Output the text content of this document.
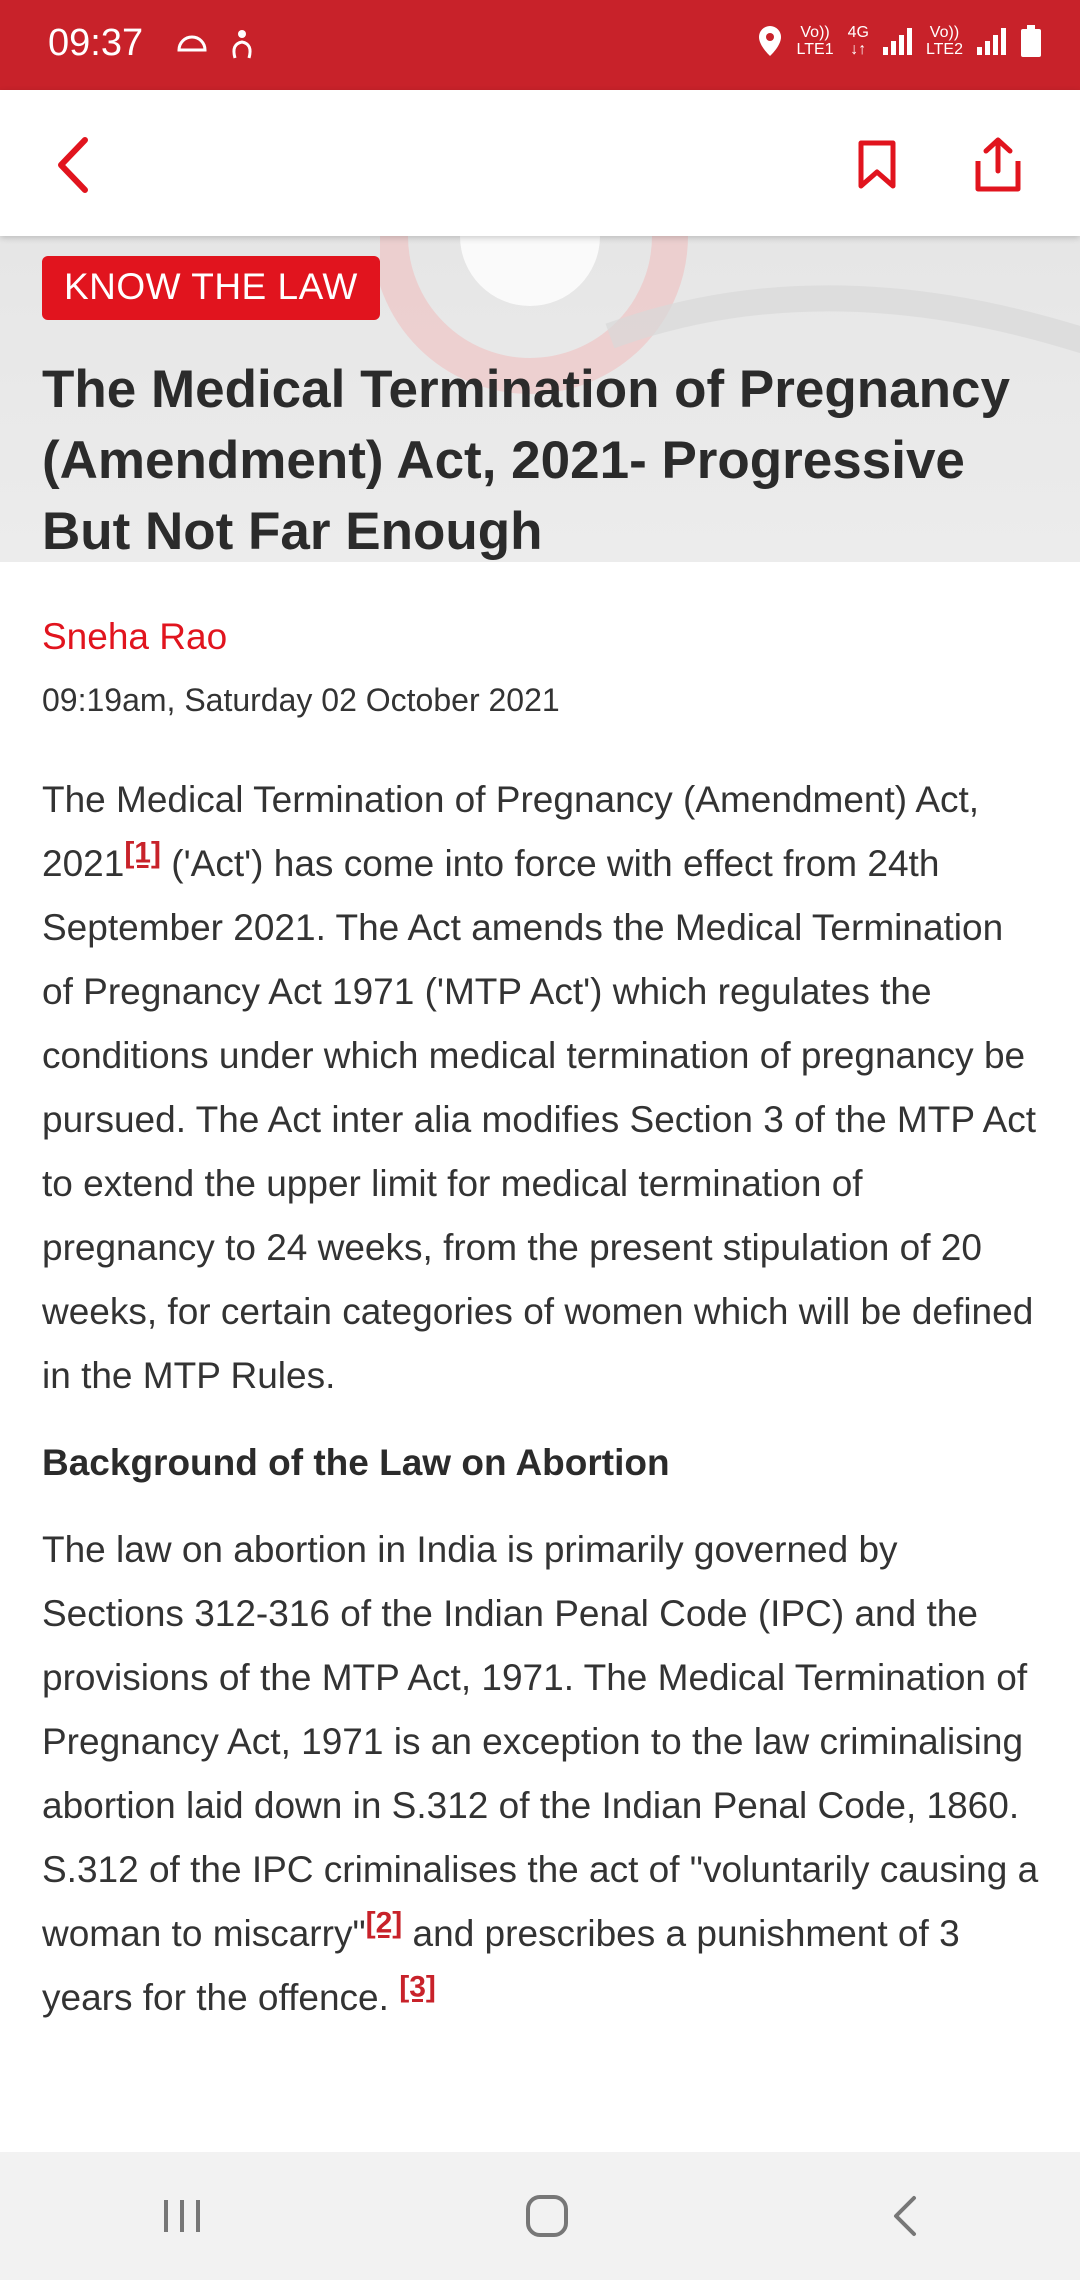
09:37	Vo))
LTE1
4G
↓↑
Vo))
LTE2
KNOW THE LAW
The Medical Termination of Pregnancy (Amendment) Act, 2021- Progressive But Not Far Enough
Sneha Rao
09:19am, Saturday 02 October 2021

The Medical Termination of Pregnancy (Amendment) Act, 2021[1] ('Act') has come into force with effect from 24th September 2021. The Act amends the Medical Termination of Pregnancy Act 1971 ('MTP Act') which regulates the conditions under which medical termination of pregnancy be pursued. The Act inter alia modifies Section 3 of the MTP Act to extend the upper limit for medical termination of pregnancy to 24 weeks, from the present stipulation of 20 weeks, for certain categories of women which will be defined in the MTP Rules.

Background of the Law on Abortion

The law on abortion in India is primarily governed by Sections 312-316 of the Indian Penal Code (IPC) and the provisions of the MTP Act, 1971. The Medical Termination of Pregnancy Act, 1971 is an exception to the law criminalising abortion laid down in S.312 of the Indian Penal Code, 1860. S.312 of the IPC criminalises the act of "voluntarily causing a woman to miscarry"[2] and prescribes a punishment of 3 years for the offence. [3]
